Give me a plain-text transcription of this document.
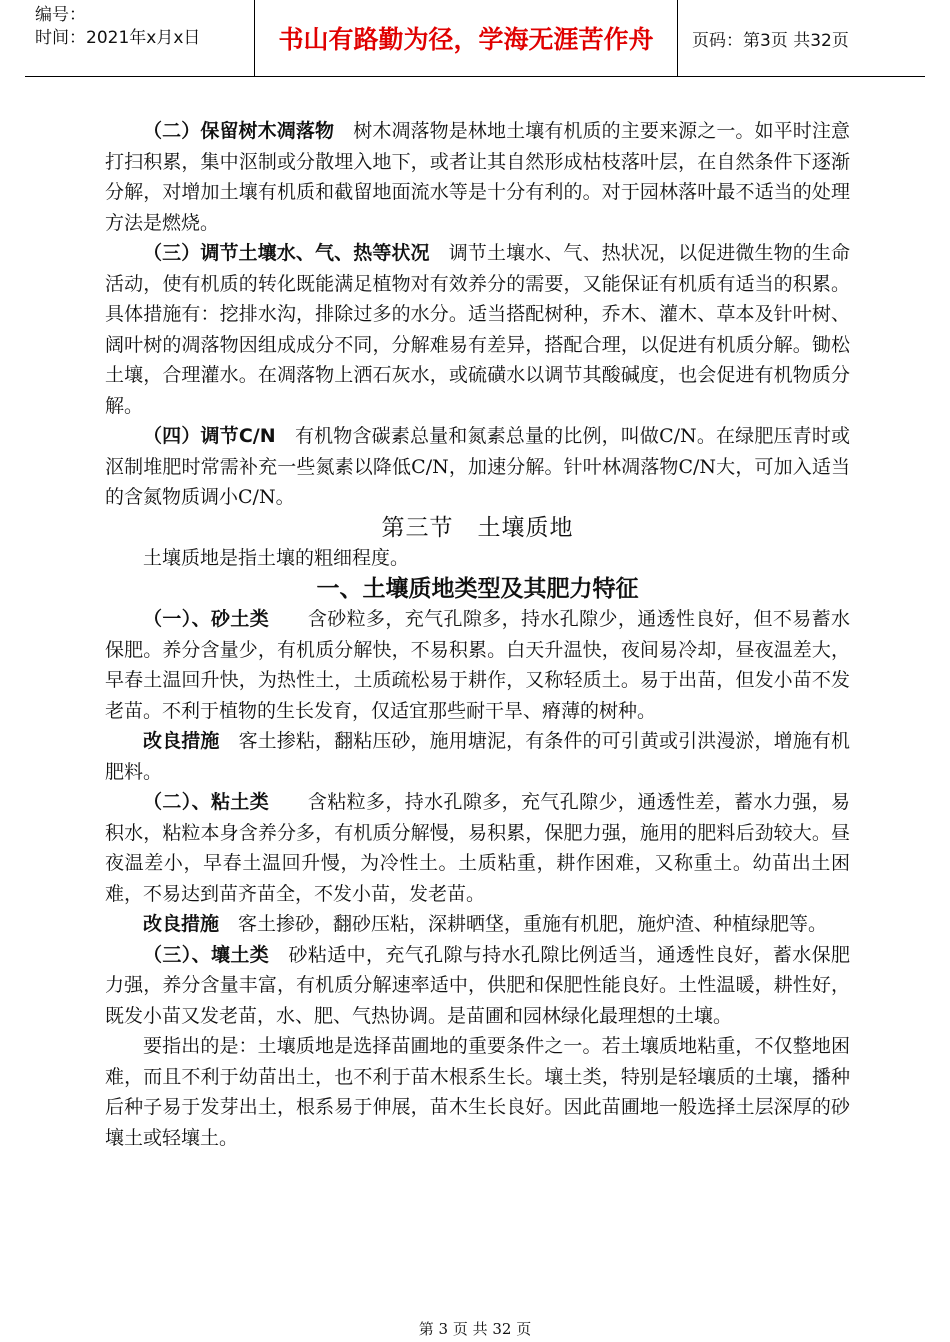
编号：
时间：2021年x月x日	书山有路勤为径，学海无涯苦作舟	页码：第3页 共32页

（二）保留树木凋落物　树木凋落物是林地土壤有机质的主要来源之一。如平时注意打扫积累，集中沤制或分散埋入地下，或者让其自然形成枯枝落叶层，在自然条件下逐渐分解，对增加土壤有机质和截留地面流水等是十分有利的。对于园林落叶最不适当的处理方法是燃烧。

（三）调节土壤水、气、热等状况　调节土壤水、气、热状况，以促进微生物的生命活动，使有机质的转化既能满足植物对有效养分的需要，又能保证有机质有适当的积累。具体措施有：挖排水沟，排除过多的水分。适当搭配树种，乔木、灌木、草本及针叶树、阔叶树的凋落物因组成成分不同，分解难易有差异，搭配合理，以促进有机质分解。锄松土壤，合理灌水。在凋落物上洒石灰水，或硫磺水以调节其酸碱度，也会促进有机物质分解。

（四）调节C/N　有机物含碳素总量和氮素总量的比例，叫做C/N。在绿肥压青时或沤制堆肥时常需补充一些氮素以降低C/N，加速分解。针叶林凋落物C/N大，可加入适当的含氮物质调小C/N。

第三节　土壤质地

土壤质地是指土壤的粗细程度。

一、土壤质地类型及其肥力特征

（一）、砂土类　　含砂粒多，充气孔隙多，持水孔隙少，通透性良好，但不易蓄水保肥。养分含量少，有机质分解快，不易积累。白天升温快，夜间易冷却，昼夜温差大，早春土温回升快，为热性土，土质疏松易于耕作，又称轻质土。易于出苗，但发小苗不发老苗。不利于植物的生长发育，仅适宜那些耐干旱、瘠薄的树种。

改良措施　客土掺粘，翻粘压砂，施用塘泥，有条件的可引黄或引洪漫淤，增施有机肥料。

（二）、粘土类　　含粘粒多，持水孔隙多，充气孔隙少，通透性差，蓄水力强，易积水，粘粒本身含养分多，有机质分解慢，易积累，保肥力强，施用的肥料后劲较大。昼夜温差小，早春土温回升慢，为冷性土。土质粘重，耕作困难，又称重土。幼苗出土困难，不易达到苗齐苗全，不发小苗，发老苗。

改良措施　客土掺砂，翻砂压粘，深耕晒垡，重施有机肥，施炉渣、种植绿肥等。

（三）、壤土类　砂粘适中，充气孔隙与持水孔隙比例适当，通透性良好，蓄水保肥力强，养分含量丰富，有机质分解速率适中，供肥和保肥性能良好。土性温暖，耕性好，既发小苗又发老苗，水、肥、气热协调。是苗圃和园林绿化最理想的土壤。

要指出的是：土壤质地是选择苗圃地的重要条件之一。若土壤质地粘重，不仅整地困难，而且不利于幼苗出土，也不利于苗木根系生长。壤土类，特别是轻壤质的土壤，播种后种子易于发芽出土，根系易于伸展，苗木生长良好。因此苗圃地一般选择土层深厚的砂壤土或轻壤土。

第 3 页 共 32 页
